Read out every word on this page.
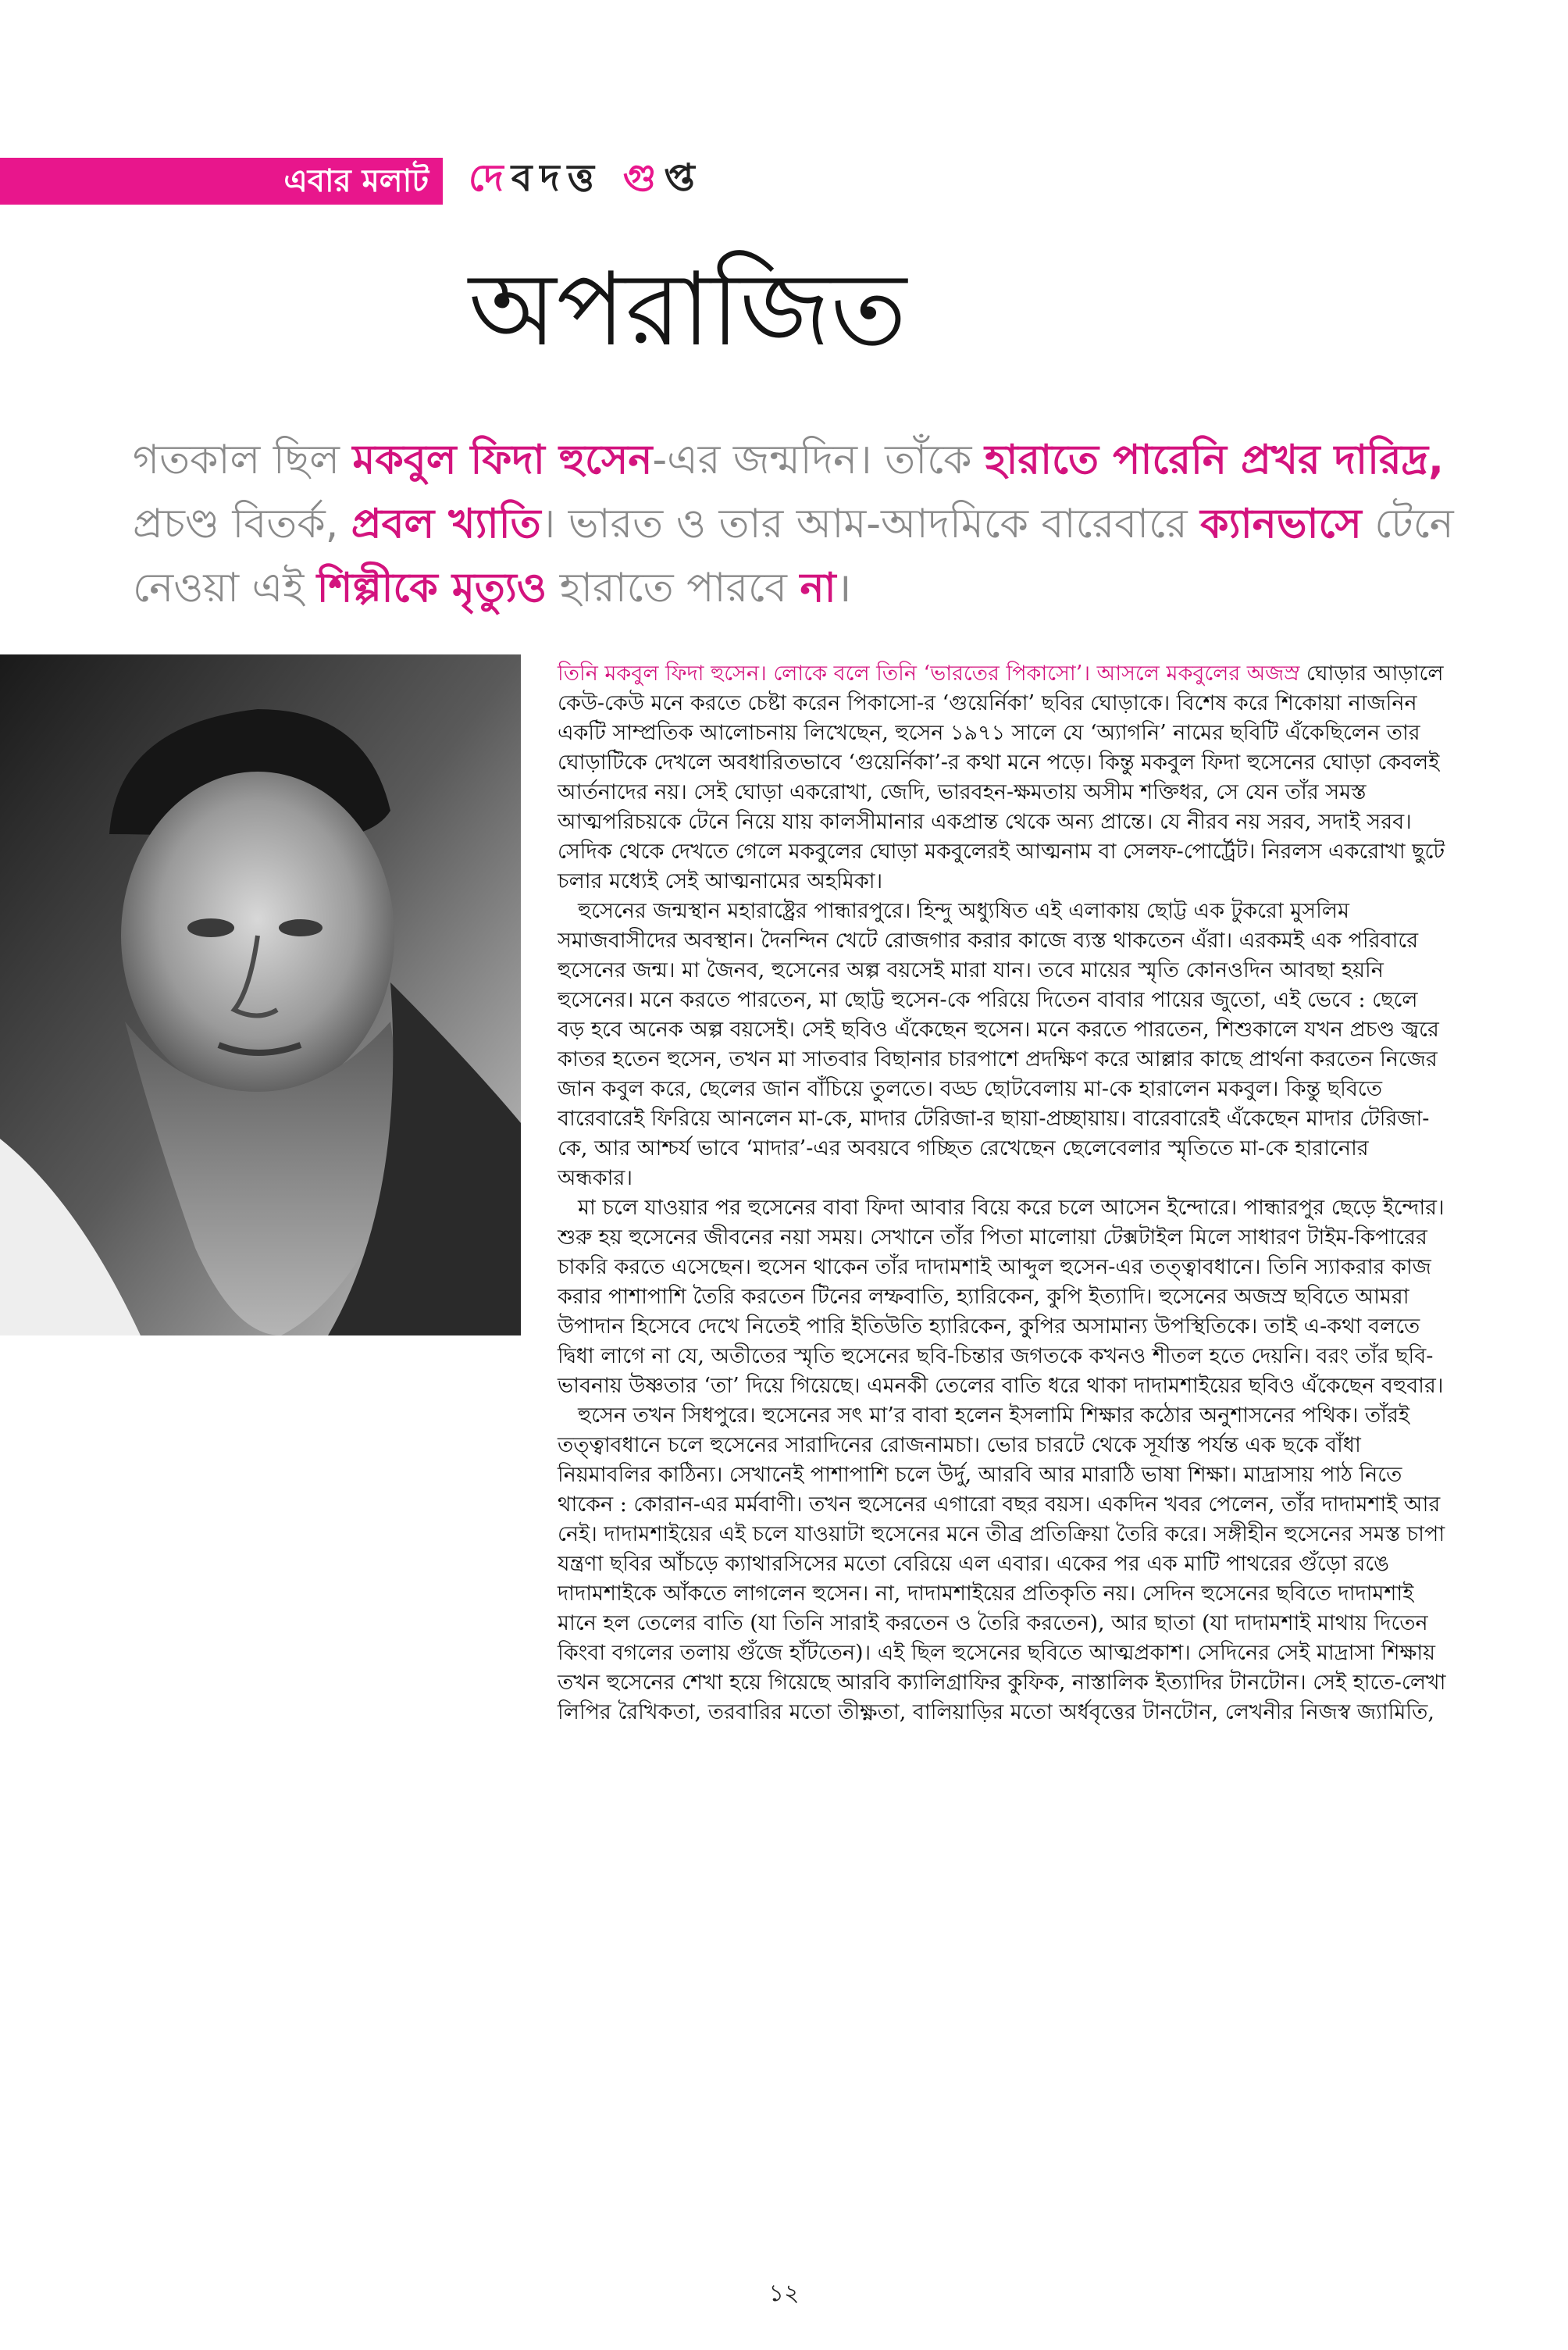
এবার মলাট দেবদত্ত গুপ্ত
অপরাজিত
গতকাল ছিল মকবুল ফিদা হুসেন-এর জন্মদিন। তাঁকে হারাতে পারেনি প্রখর দারিদ্র, প্রচণ্ড বিতর্ক, প্রবল খ্যাতি। ভারত ও তার আম-আদমিকে বারেবারে ক্যানভাসে টেনে নেওয়া এই শিল্পীকে মৃত্যুও হারাতে পারবে না।

তিনি মকবুল ফিদা হুসেন। লোকে বলে তিনি ‘ভারতের পিকাসো’। আসলে মকবুলের অজস্র ঘোড়ার আড়ালে কেউ-কেউ মনে করতে চেষ্টা করেন পিকাসো-র ‘গুয়ের্নিকা’ ছবির ঘোড়াকে। বিশেষ করে শিকোয়া নাজনিন একটি সাম্প্রতিক আলোচনায় লিখেছেন, হুসেন ১৯৭১ সালে যে ‘অ্যাগনি’ নামের ছবিটি এঁকেছিলেন তার ঘোড়াটিকে দেখলে অবধারিতভাবে ‘গুয়ের্নিকা’-র কথা মনে পড়ে। কিন্তু মকবুল ফিদা হুসেনের ঘোড়া কেবলই আর্তনাদের নয়। সেই ঘোড়া একরোখা, জেদি, ভারবহন-ক্ষমতায় অসীম শক্তিধর, সে যেন তাঁর সমস্ত আত্মপরিচয়কে টেনে নিয়ে যায় কালসীমানার একপ্রান্ত থেকে অন্য প্রান্তে। যে নীরব নয় সরব, সদাই সরব। সেদিক থেকে দেখতে গেলে মকবুলের ঘোড়া মকবুলেরই আত্মনাম বা সেলফ-পোর্ট্রেট। নিরলস একরোখা ছুটে চলার মধ্যেই সেই আত্মনামের অহমিকা।

হুসেনের জন্মস্থান মহারাষ্ট্রের পান্ধারপুরে। হিন্দু অধ্যুষিত এই এলাকায় ছোট্ট এক টুকরো মুসলিম সমাজবাসীদের অবস্থান। দৈনন্দিন খেটে রোজগার করার কাজে ব্যস্ত থাকতেন এঁরা। এরকমই এক পরিবারে হুসেনের জন্ম। মা জৈনব, হুসেনের অল্প বয়সেই মারা যান। তবে মায়ের স্মৃতি কোনওদিন আবছা হয়নি হুসেনের। মনে করতে পারতেন, মা ছোট্ট হুসেন-কে পরিয়ে দিতেন বাবার পায়ের জুতো, এই ভেবে : ছেলে বড় হবে অনেক অল্প বয়সেই। সেই ছবিও এঁকেছেন হুসেন। মনে করতে পারতেন, শিশুকালে যখন প্রচণ্ড জ্বরে কাতর হতেন হুসেন, তখন মা সাতবার বিছানার চারপাশে প্রদক্ষিণ করে আল্লার কাছে প্রার্থনা করতেন নিজের জান কবুল করে, ছেলের জান বাঁচিয়ে তুলতে। বড্ড ছোটবেলায় মা-কে হারালেন মকবুল। কিন্তু ছবিতে বারেবারেই ফিরিয়ে আনলেন মা-কে, মাদার টেরিজা-র ছায়া-প্রচ্ছায়ায়। বারেবারেই এঁকেছেন মাদার টেরিজা-কে, আর আশ্চর্য ভাবে ‘মাদার’-এর অবয়বে গচ্ছিত রেখেছেন ছেলেবেলার স্মৃতিতে মা-কে হারানোর অন্ধকার।

মা চলে যাওয়ার পর হুসেনের বাবা ফিদা আবার বিয়ে করে চলে আসেন ইন্দোরে। পান্ধারপুর ছেড়ে ইন্দোর। শুরু হয় হুসেনের জীবনের নয়া সময়। সেখানে তাঁর পিতা মালোয়া টেক্সটাইল মিলে সাধারণ টাইম-কিপারের চাকরি করতে এসেছেন। হুসেন থাকেন তাঁর দাদামশাই আব্দুল হুসেন-এর তত্ত্বাবধানে। তিনি স্যাকরার কাজ করার পাশাপাশি তৈরি করতেন টিনের লম্ফবাতি, হ্যারিকেন, কুপি ইত্যাদি। হুসেনের অজস্র ছবিতে আমরা উপাদান হিসেবে দেখে নিতেই পারি ইতিউতি হ্যারিকেন, কুপির অসামান্য উপস্থিতিকে। তাই এ-কথা বলতে দ্বিধা লাগে না যে, অতীতের স্মৃতি হুসেনের ছবি-চিন্তার জগতকে কখনও শীতল হতে দেয়নি। বরং তাঁর ছবি-ভাবনায় উষ্ণতার ‘তা’ দিয়ে গিয়েছে। এমনকী তেলের বাতি ধরে থাকা দাদামশাইয়ের ছবিও এঁকেছেন বহুবার।

হুসেন তখন সিধপুরে। হুসেনের সৎ মা’র বাবা হলেন ইসলামি শিক্ষার কঠোর অনুশাসনের পথিক। তাঁরই তত্ত্বাবধানে চলে হুসেনের সারাদিনের রোজনামচা। ভোর চারটে থেকে সূর্যাস্ত পর্যন্ত এক ছকে বাঁধা নিয়মাবলির কাঠিন্য। সেখানেই পাশাপাশি চলে উর্দু, আরবি আর মারাঠি ভাষা শিক্ষা। মাদ্রাসায় পাঠ নিতে থাকেন : কোরান-এর মর্মবাণী। তখন হুসেনের এগারো বছর বয়স। একদিন খবর পেলেন, তাঁর দাদামশাই আর নেই। দাদামশাইয়ের এই চলে যাওয়াটা হুসেনের মনে তীব্র প্রতিক্রিয়া তৈরি করে। সঙ্গীহীন হুসেনের সমস্ত চাপা যন্ত্রণা ছবির আঁচড়ে ক্যাথারসিসের মতো বেরিয়ে এল এবার। একের পর এক মাটি পাথরের গুঁড়ো রঙে দাদামশাইকে আঁকতে লাগলেন হুসেন। না, দাদামশাইয়ের প্রতিকৃতি নয়। সেদিন হুসেনের ছবিতে দাদামশাই মানে হল তেলের বাতি (যা তিনি সারাই করতেন ও তৈরি করতেন), আর ছাতা (যা দাদামশাই মাথায় দিতেন কিংবা বগলের তলায় গুঁজে হাঁটতেন)। এই ছিল হুসেনের ছবিতে আত্মপ্রকাশ। সেদিনের সেই মাদ্রাসা শিক্ষায় তখন হুসেনের শেখা হয়ে গিয়েছে আরবি ক্যালিগ্রাফির কুফিক, নাস্তালিক ইত্যাদির টানটোন। সেই হাতে-লেখা লিপির রৈখিকতা, তরবারির মতো তীক্ষ্ণতা, বালিয়াড়ির মতো অর্ধবৃত্তের টানটোন, লেখনীর নিজস্ব জ্যামিতি,

১২
